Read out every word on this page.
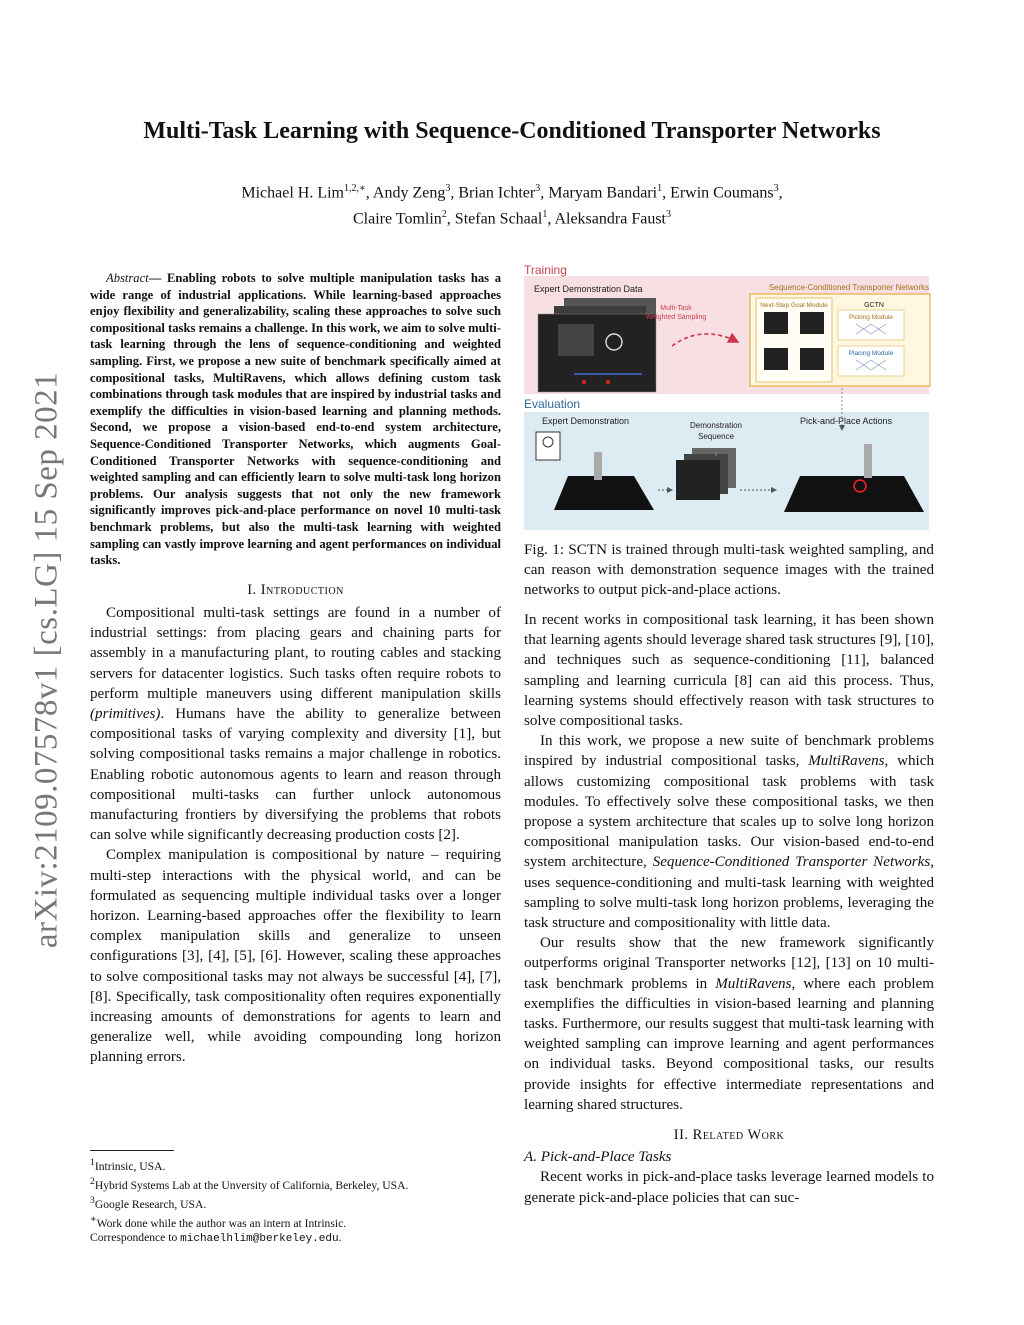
arXiv:2109.07578v1 [cs.LG] 15 Sep 2021
Multi-Task Learning with Sequence-Conditioned Transporter Networks
Michael H. Lim$^{1,2,∗}$, Andy Zeng$^3$, Brian Ichter$^3$, Maryam Bandari$^1$, Erwin Coumans$^3$,
Claire Tomlin$^2$, Stefan Schaal$^1$, Aleksandra Faust$^3$

Abstract— Enabling robots to solve multiple manipulation tasks has a wide range of industrial applications. While learning-based approaches enjoy flexibility and generalizability, scaling these approaches to solve such compositional tasks remains a challenge. In this work, we aim to solve multi-task learning through the lens of sequence-conditioning and weighted sampling. First, we propose a new suite of benchmark specifically aimed at compositional tasks, MultiRavens, which allows defining custom task combinations through task modules that are inspired by industrial tasks and exemplify the difficulties in vision-based learning and planning methods. Second, we propose a vision-based end-to-end system architecture, Sequence-Conditioned Transporter Networks, which augments Goal-Conditioned Transporter Networks with sequence-conditioning and weighted sampling and can efficiently learn to solve multi-task long horizon problems. Our analysis suggests that not only the new framework significantly improves pick-and-place performance on novel 10 multi-task benchmark problems, but also the multi-task learning with weighted sampling can vastly improve learning and agent performances on individual tasks.

I. Introduction

Compositional multi-task settings are found in a number of industrial settings: from placing gears and chaining parts for assembly in a manufacturing plant, to routing cables and stacking servers for datacenter logistics. Such tasks often require robots to perform multiple maneuvers using different manipulation skills (primitives). Humans have the ability to generalize between compositional tasks of varying complexity and diversity [1], but solving compositional tasks remains a major challenge in robotics. Enabling robotic autonomous agents to learn and reason through compositional multi-tasks can further unlock autonomous manufacturing frontiers by diversifying the problems that robots can solve while significantly decreasing production costs [2].

Complex manipulation is compositional by nature – requiring multi-step interactions with the physical world, and can be formulated as sequencing multiple individual tasks over a longer horizon. Learning-based approaches offer the flexibility to learn complex manipulation skills and generalize to unseen configurations [3], [4], [5], [6]. However, scaling these approaches to solve compositional tasks may not always be successful [4], [7], [8]. Specifically, task compositionality often requires exponentially increasing amounts of demonstrations for agents to learn and generalize well, while avoiding compounding long horizon planning errors.

$^1$Intrinsic, USA.
$^2$Hybrid Systems Lab at the Unversity of California, Berkeley, USA.
$^3$Google Research, USA.
∗Work done while the author was an intern at Intrinsic.
Correspondence to michaelhlim@berkeley.edu.
Training
Expert Demonstration Data
Multi-Task
Weighted Sampling
Sequence-Conditioned Transporter Networks
Next-Step Goal Module	GCTN
Picking Module
Placing Module
Evaluation
Expert Demonstration	Demonstration
Sequence
Pick-and-Place Actions
Fig. 1: SCTN is trained through multi-task weighted sampling, and can reason with demonstration sequence images with the trained networks to output pick-and-place actions.

In recent works in compositional task learning, it has been shown that learning agents should leverage shared task structures [9], [10], and techniques such as sequence-conditioning [11], balanced sampling and learning curricula [8] can aid this process. Thus, learning systems should effectively reason with task structures to solve compositional tasks.

In this work, we propose a new suite of benchmark problems inspired by industrial compositional tasks, MultiRavens, which allows customizing compositional task problems with task modules. To effectively solve these compositional tasks, we then propose a system architecture that scales up to solve long horizon compositional manipulation tasks. Our vision-based end-to-end system architecture, Sequence-Conditioned Transporter Networks, uses sequence-conditioning and multi-task learning with weighted sampling to solve multi-task long horizon problems, leveraging the task structure and compositionality with little data.

Our results show that the new framework significantly outperforms original Transporter networks [12], [13] on 10 multi-task benchmark problems in MultiRavens, where each problem exemplifies the difficulties in vision-based learning and planning tasks. Furthermore, our results suggest that multi-task learning with weighted sampling can improve learning and agent performances on individual tasks. Beyond compositional tasks, our results provide insights for effective intermediate representations and learning shared structures.

II. Related Work

A. Pick-and-Place Tasks

Recent works in pick-and-place tasks leverage learned models to generate pick-and-place policies that can suc-
